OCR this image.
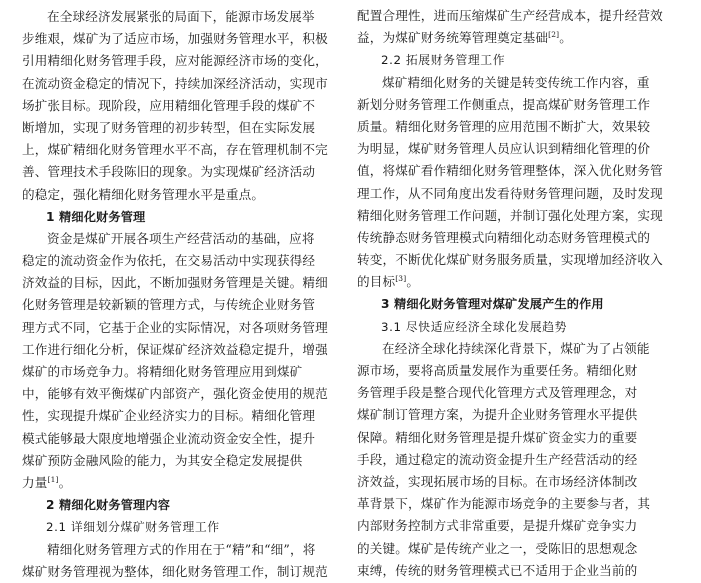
在全球经济发展紧张的局面下，能源市场发展举
步维艰，煤矿为了适应市场，加强财务管理水平，积极
引用精细化财务管理手段，应对能源经济市场的变化，
在流动资金稳定的情况下，持续加深经济活动，实现市
场扩张目标。现阶段，应用精细化管理手段的煤矿不
断增加，实现了财务管理的初步转型，但在实际发展
上，煤矿精细化财务管理水平不高，存在管理机制不完
善、管理技术手段陈旧的现象。为实现煤矿经济活动
的稳定，强化精细化财务管理水平是重点。
1 精细化财务管理
资金是煤矿开展各项生产经营活动的基础，应将
稳定的流动资金作为依托，在交易活动中实现获得经
济效益的目标，因此，不断加强财务管理是关键。精细
化财务管理是较新颖的管理方式，与传统企业财务管
理方式不同，它基于企业的实际情况，对各项财务管理
工作进行细化分析，保证煤矿经济效益稳定提升，增强
煤矿的市场竞争力。将精细化财务管理应用到煤矿
中，能够有效平衡煤矿内部资产，强化资金使用的规范
性，实现提升煤矿企业经济实力的目标。精细化管理
模式能够最大限度地增强企业流动资金安全性，提升
煤矿预防金融风险的能力，为其安全稳定发展提供
力量[1]。
2 精细化财务管理内容
2.1 详细划分煤矿财务管理工作
精细化财务管理方式的作用在于“精”和“细”，将
煤矿财务管理视为整体，细化财务管理工作，制订规范
配置合理性，进而压缩煤矿生产经营成本，提升经营效
益，为煤矿财务统筹管理奠定基础[2]。
2.2 拓展财务管理工作
煤矿精细化财务的关键是转变传统工作内容，重
新划分财务管理工作侧重点，提高煤矿财务管理工作
质量。精细化财务管理的应用范围不断扩大，效果较
为明显，煤矿财务管理人员应认识到精细化管理的价
值，将煤矿看作精细化财务管理整体，深入优化财务管
理工作，从不同角度出发看待财务管理问题，及时发现
精细化财务管理工作问题，并制订强化处理方案，实现
传统静态财务管理模式向精细化动态财务管理模式的
转变，不断优化煤矿财务服务质量，实现增加经济收入
的目标[3]。
3 精细化财务管理对煤矿发展产生的作用
3.1 尽快适应经济全球化发展趋势
在经济全球化持续深化背景下，煤矿为了占领能
源市场，要将高质量发展作为重要任务。精细化财
务管理手段是整合现代化管理方式及管理理念，对
煤矿制订管理方案，为提升企业财务管理水平提供
保障。精细化财务管理是提升煤矿资金实力的重要
手段，通过稳定的流动资金提升生产经营活动的经
济效益，实现拓展市场的目标。在市场经济体制改
革背景下，煤矿作为能源市场竞争的主要参与者，其
内部财务控制方式非常重要，是提升煤矿竞争实力
的关键。煤矿是传统产业之一，受陈旧的思想观念
束缚，传统的财务管理模式已不适用于企业当前的
